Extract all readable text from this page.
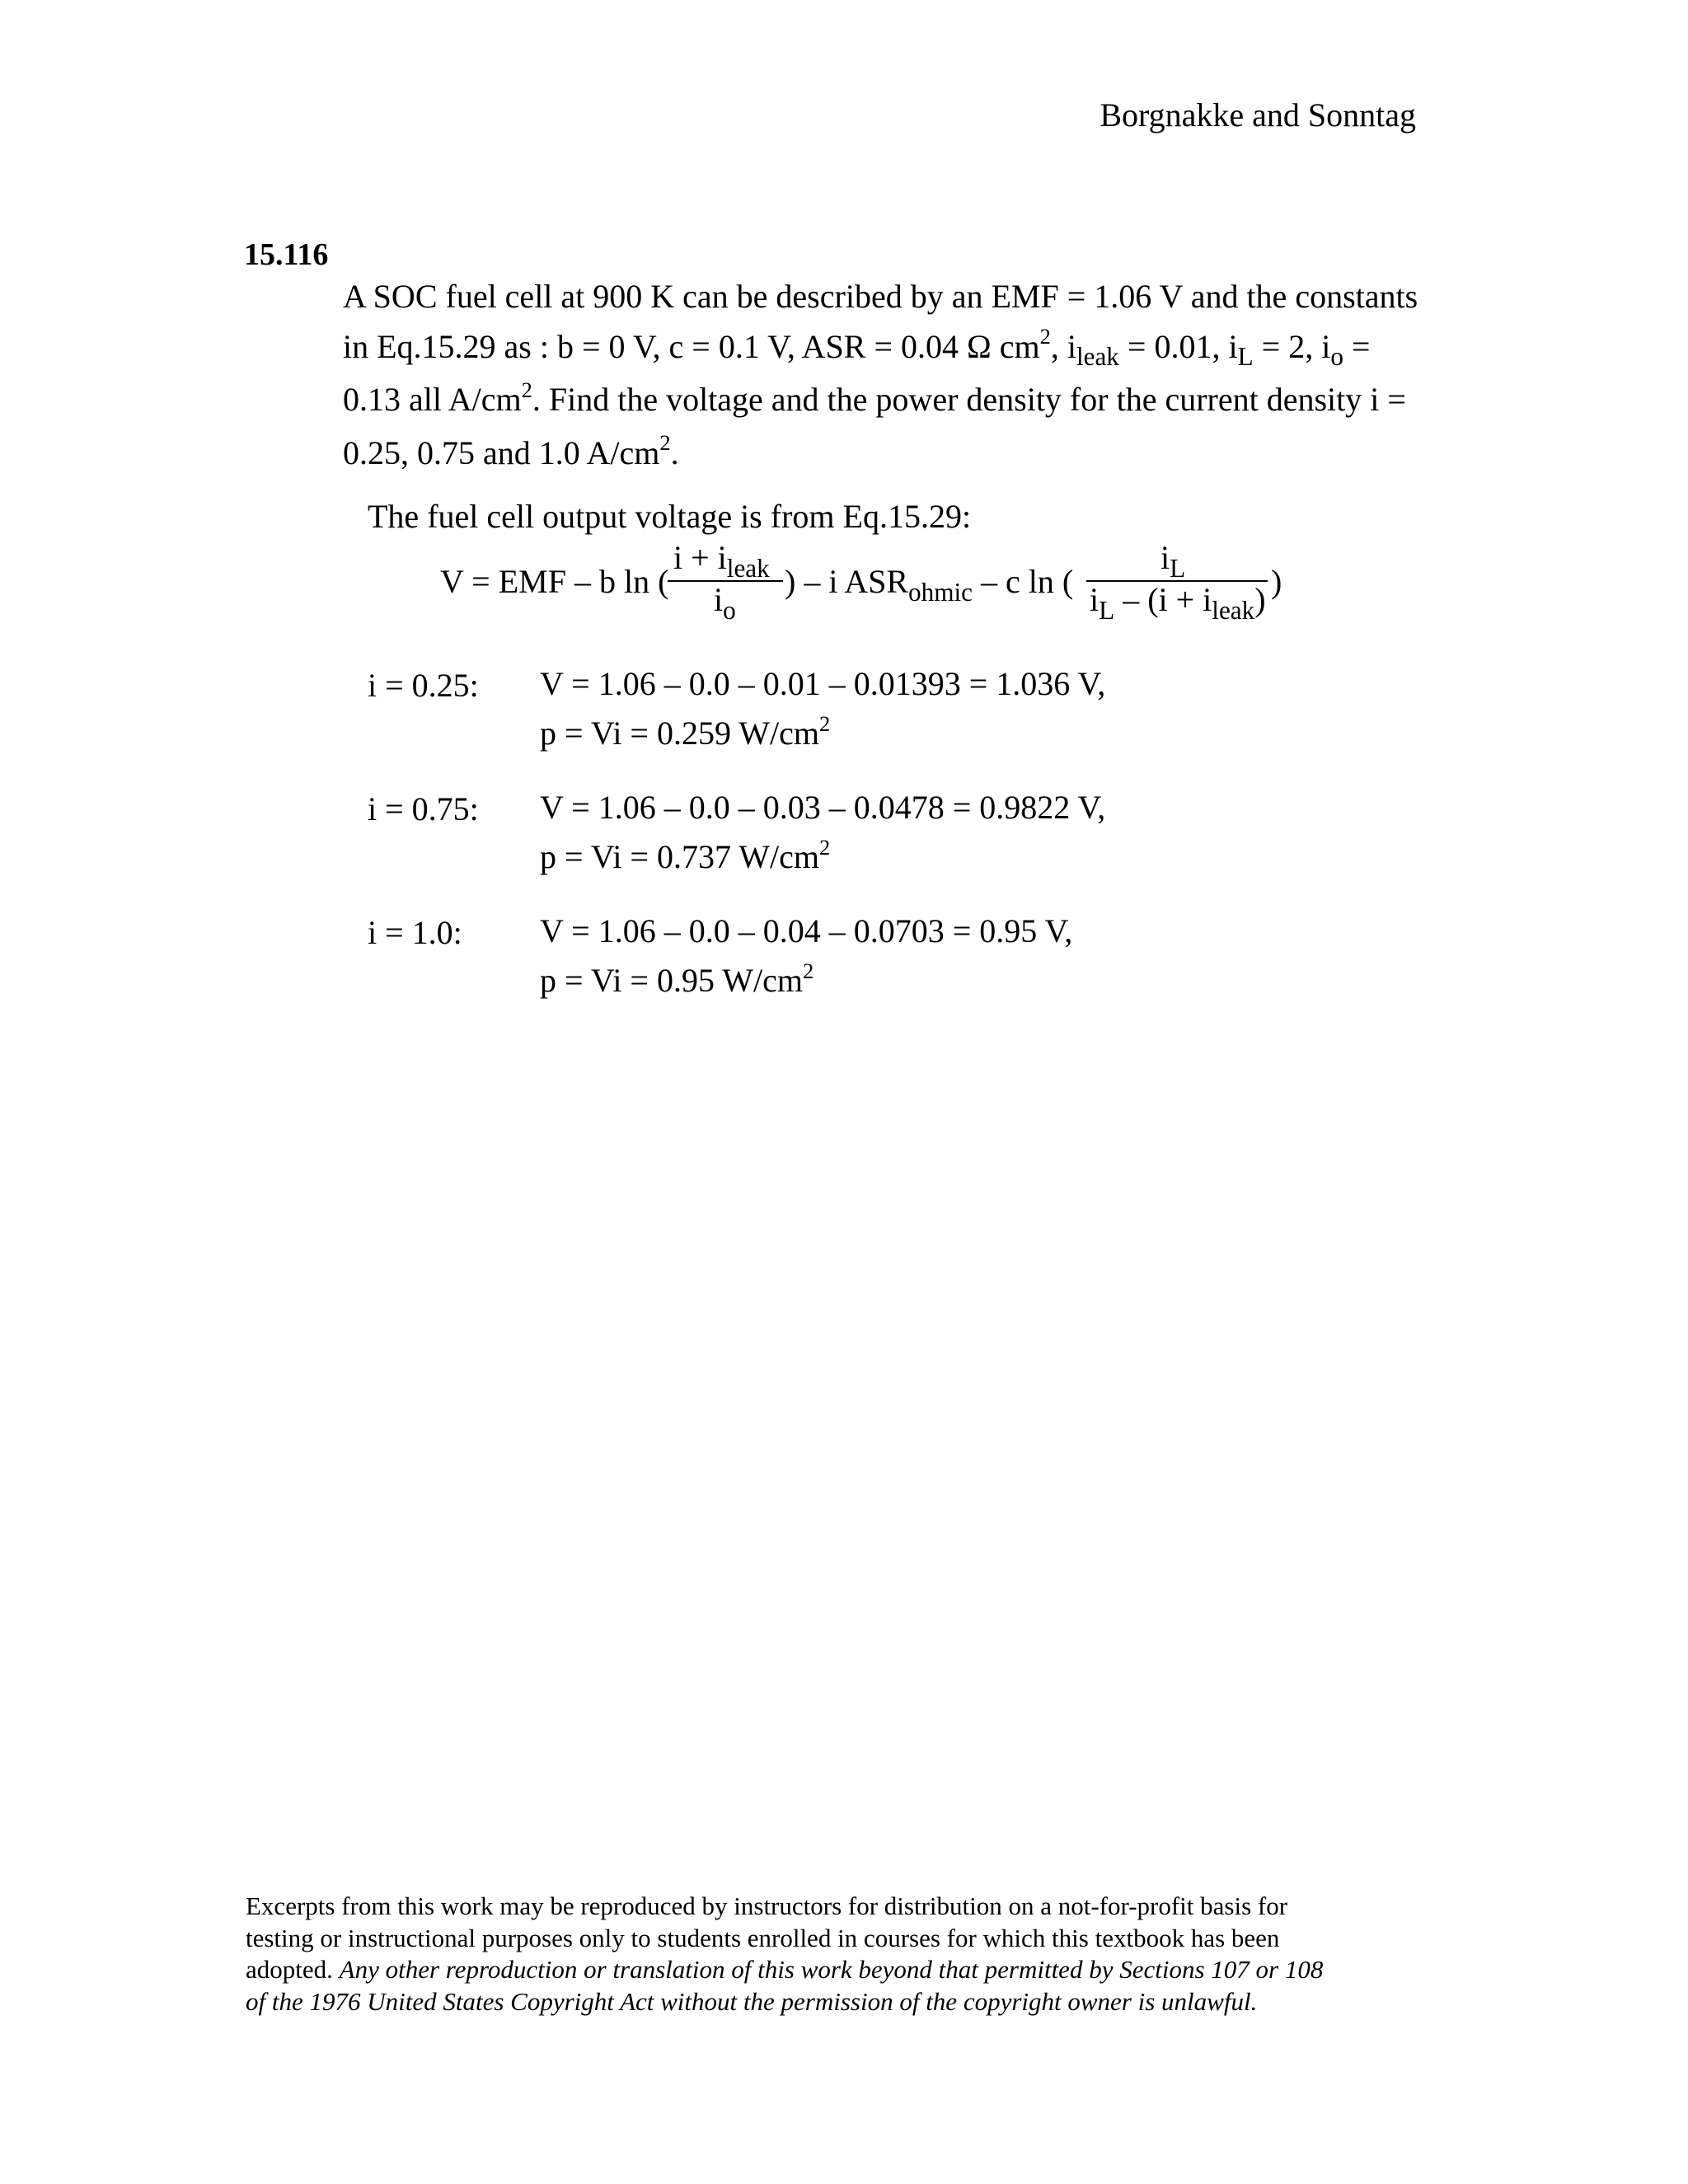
Borgnakke and Sonntag
15.116
A SOC fuel cell at 900 K can be described by an EMF = 1.06 V and the constants
in Eq.15.29 as : b = 0 V, c = 0.1 V, ASR = 0.04 Ω $cm^2$, $i_{leak} = 0.01$, $i_L = 2$, $i_o$ =
0.13 all $A/cm^2$. Find the voltage and the power density for the current density i =
0.25, 0.75 and 1.0 $A/cm^2$.
The fuel cell output voltage is from Eq.15.29:
V = EMF – b ln (
$i + i_{leak}$
$i_o$
) – i $ASR_{ohmic}$ – c ln (
$i_L$
$i_L - (i + i_{leak})$ )
i = 0.25: V = 1.06 – 0.0 – 0.01 – 0.01393 = 1.036 V,
p = Vi = 0.259 $W/cm^2$
i = 0.75: V = 1.06 – 0.0 – 0.03 – 0.0478 = 0.9822 V,
p = Vi = 0.737 $W/cm^2$
i = 1.0: V = 1.06 – 0.0 – 0.04 – 0.0703 = 0.95 V,
p = Vi = 0.95 $W/cm^2$
Excerpts from this work may be reproduced by instructors for distribution on a not-for-profit basis for
testing or instructional purposes only to students enrolled in courses for which this textbook has been
adopted. Any other reproduction or translation of this work beyond that permitted by Sections 107 or 108
of the 1976 United States Copyright Act without the permission of the copyright owner is unlawful.
